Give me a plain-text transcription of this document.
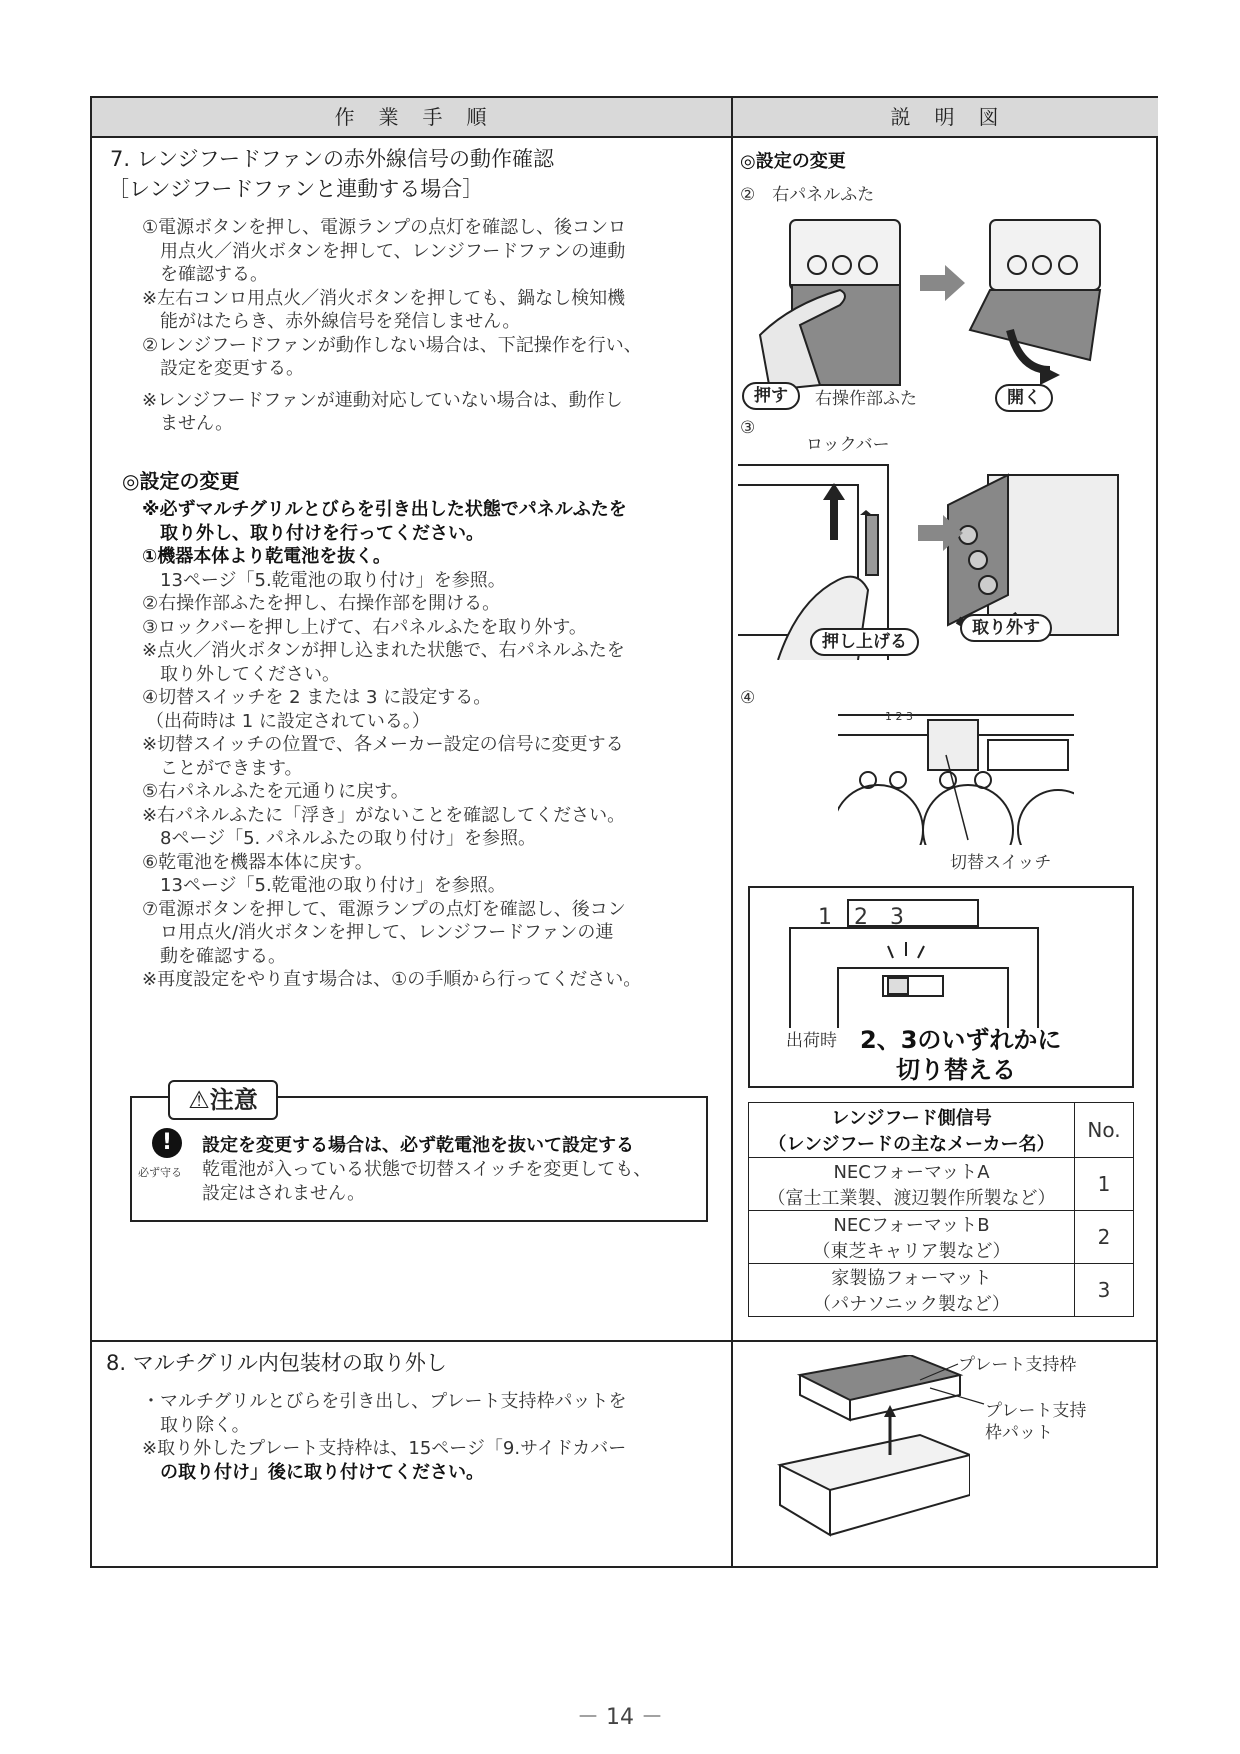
作　業　手　順	説　明　図
7. レンジフードファンの赤外線信号の動作確認
［レンジフードファンと連動する場合］
①電源ボタンを押し、電源ランプの点灯を確認し、後コンロ
用点火／消火ボタンを押して、レンジフードファンの連動
を確認する。
※左右コンロ用点火／消火ボタンを押しても、鍋なし検知機
能がはたらき、赤外線信号を発信しません。
②レンジフードファンが動作しない場合は、下記操作を行い、
設定を変更する。
※レンジフードファンが連動対応していない場合は、動作し
ません。
◎設定の変更
※必ずマルチグリルとびらを引き出した状態でパネルふたを
取り外し、取り付けを行ってください。
①機器本体より乾電池を抜く。
13ページ「5.乾電池の取り付け」を参照。
②右操作部ふたを押し、右操作部を開ける。
③ロックバーを押し上げて、右パネルふたを取り外す。
※点火／消火ボタンが押し込まれた状態で、右パネルふたを
取り外してください。
④切替スイッチを 2 または 3 に設定する。
（出荷時は 1 に設定されている。）
※切替スイッチの位置で、各メーカー設定の信号に変更する
ことができます。
⑤右パネルふたを元通りに戻す。
※右パネルふたに「浮き」がないことを確認してください。
8ページ「5. パネルふたの取り付け」を参照。
⑥乾電池を機器本体に戻す。
13ページ「5.乾電池の取り付け」を参照。
⑦電源ボタンを押して、電源ランプの点灯を確認し、後コン
ロ用点火/消火ボタンを押して、レンジフードファンの連
動を確認する。
※再度設定をやり直す場合は、①の手順から行ってください。
⚠注意
!
必ず守る
設定を変更する場合は、必ず乾電池を抜いて設定する
乾電池が入っている状態で切替スイッチを変更しても、
設定はされません。
8. マルチグリル内包装材の取り外し
・マルチグリルとびらを引き出し、プレート支持枠パットを
取り除く。
※取り外したプレート支持枠は、15ページ「9.サイドカバー
の取り付け」後に取り付けてください。
◎設定の変更
②　右パネルふた
押す	右操作部ふた	開く
③
ロックバー
押し上げる
取り外す
④
1 2 3
切替スイッチ
1　2　3
出荷時 2、3のいずれかに
切り替える
レンジフード側信号
（レンジフードの主なメーカー名）	No.

NECフォーマットA
（富士工業製、渡辺製作所製など）	1

NECフォーマットB
（東芝キャリア製など）	2

家製協フォーマット
（パナソニック製など）	3
プレート支持枠
プレート支持
枠パット
－ 14 －
